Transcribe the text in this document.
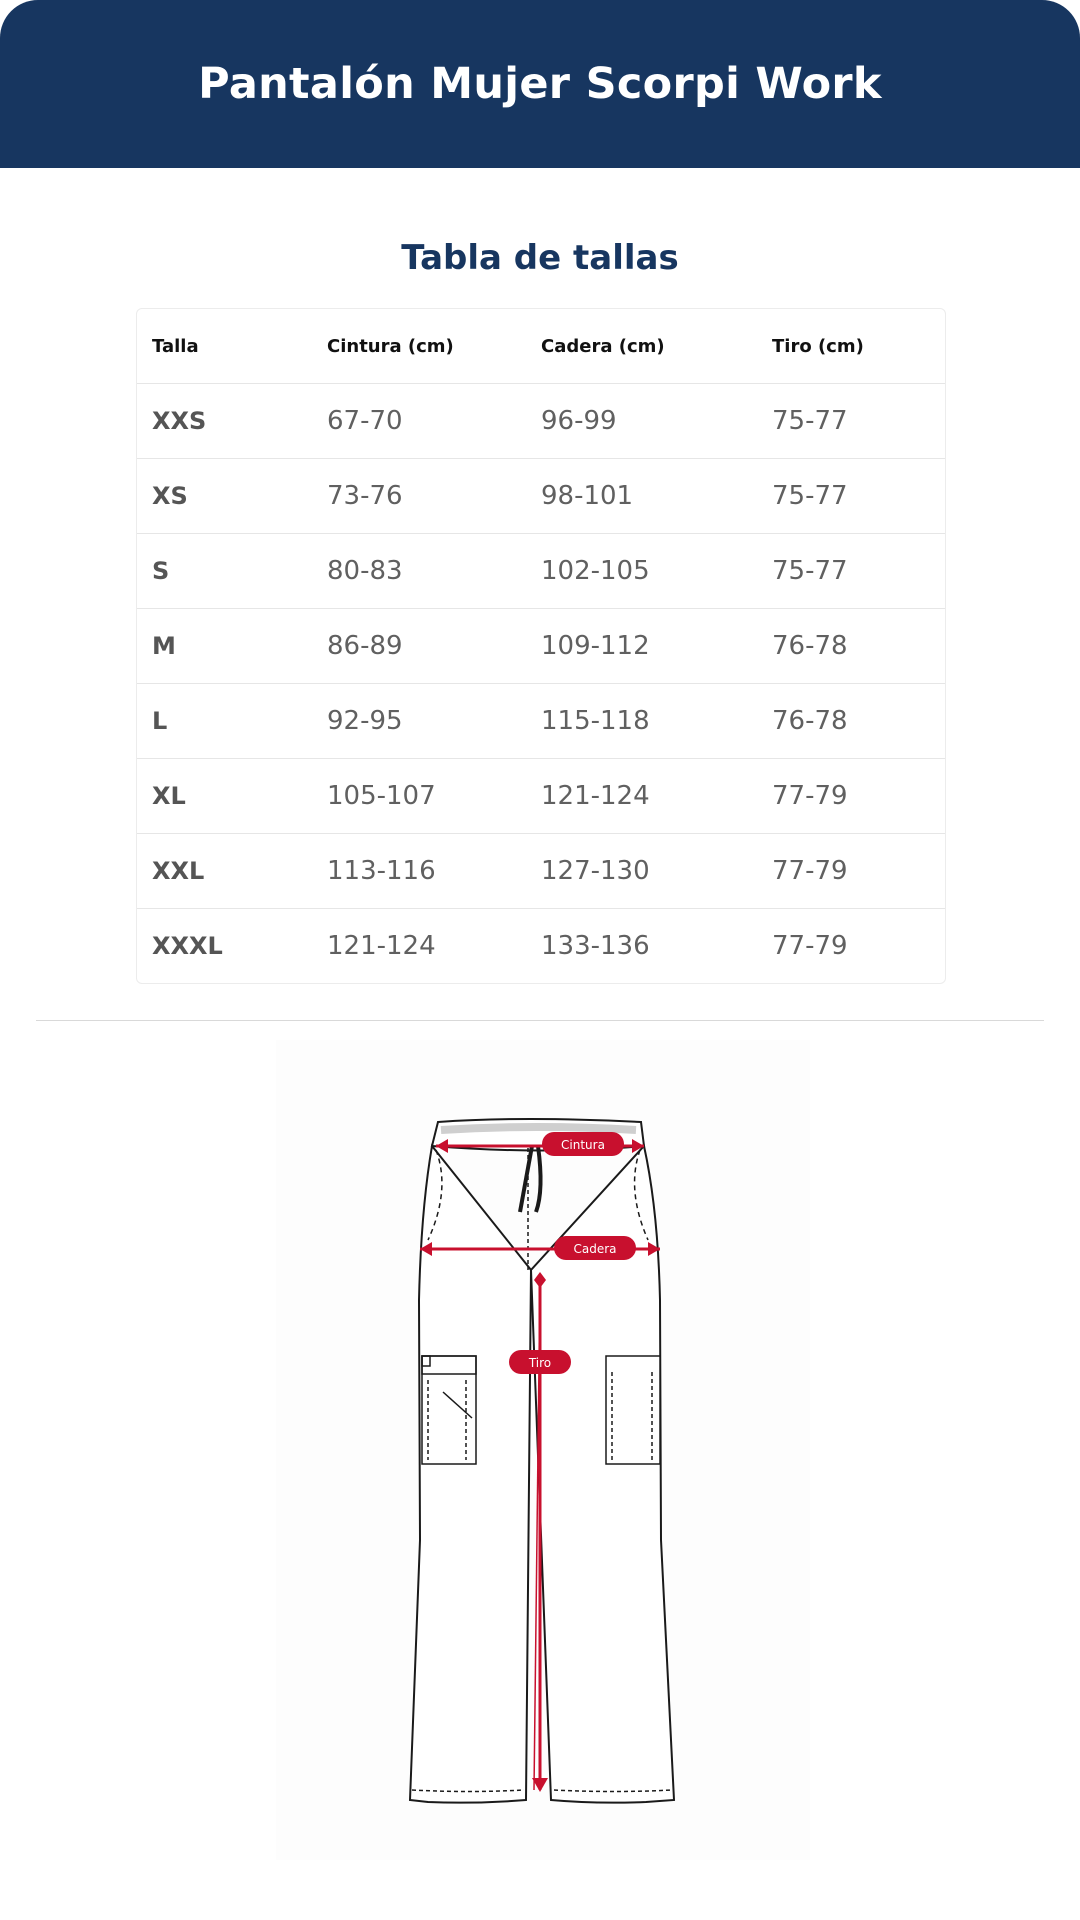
Pantalón Mujer Scorpi Work
Tabla de tallas
Talla	Cintura (cm)	Cadera (cm)	Tiro (cm)
XXS	67-70	96-99	75-77
XS	73-76	98-101	75-77
S	80-83	102-105	75-77
M	86-89	109-112	76-78
L	92-95	115-118	76-78
XL	105-107	121-124	77-79
XXL	113-116	127-130	77-79
XXXL	121-124	133-136	77-79
Cintura
Cadera
Tiro
